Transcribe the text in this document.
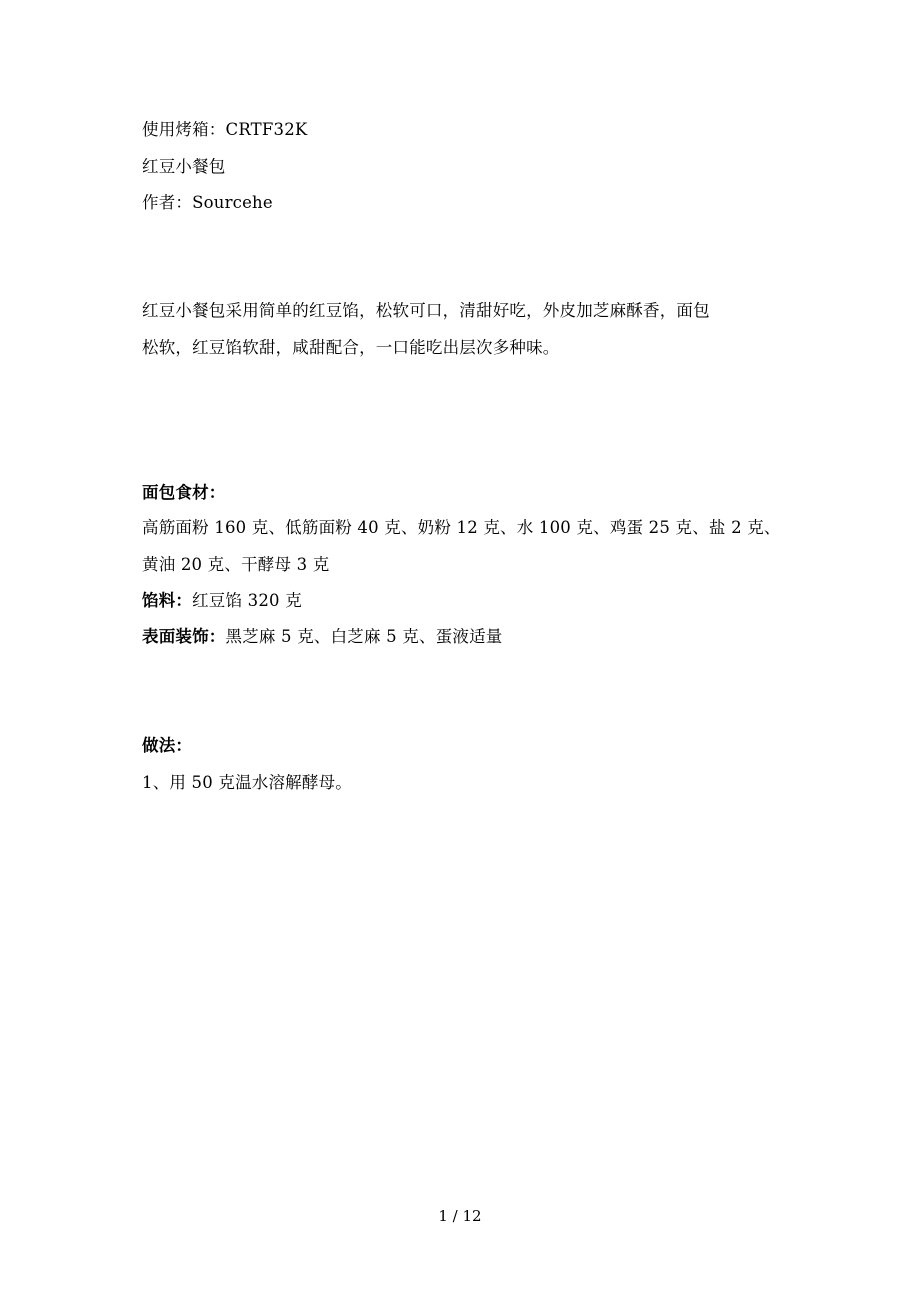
使用烤箱：CRTF32K
红豆小餐包
作者：Sourcehe
红豆小餐包采用简单的红豆馅，松软可口，清甜好吃，外皮加芝麻酥香，面包
松软，红豆馅软甜，咸甜配合，一口能吃出层次多种味。
面包食材：
高筋面粉 160 克、低筋面粉 40 克、奶粉 12 克、水 100 克、鸡蛋 25 克、盐 2 克、
黄油 20 克、干酵母 3 克
馅料：红豆馅 320 克
表面装饰：黑芝麻 5 克、白芝麻 5 克、蛋液适量
做法：
1、用 50 克温水溶解酵母。
1 / 12
